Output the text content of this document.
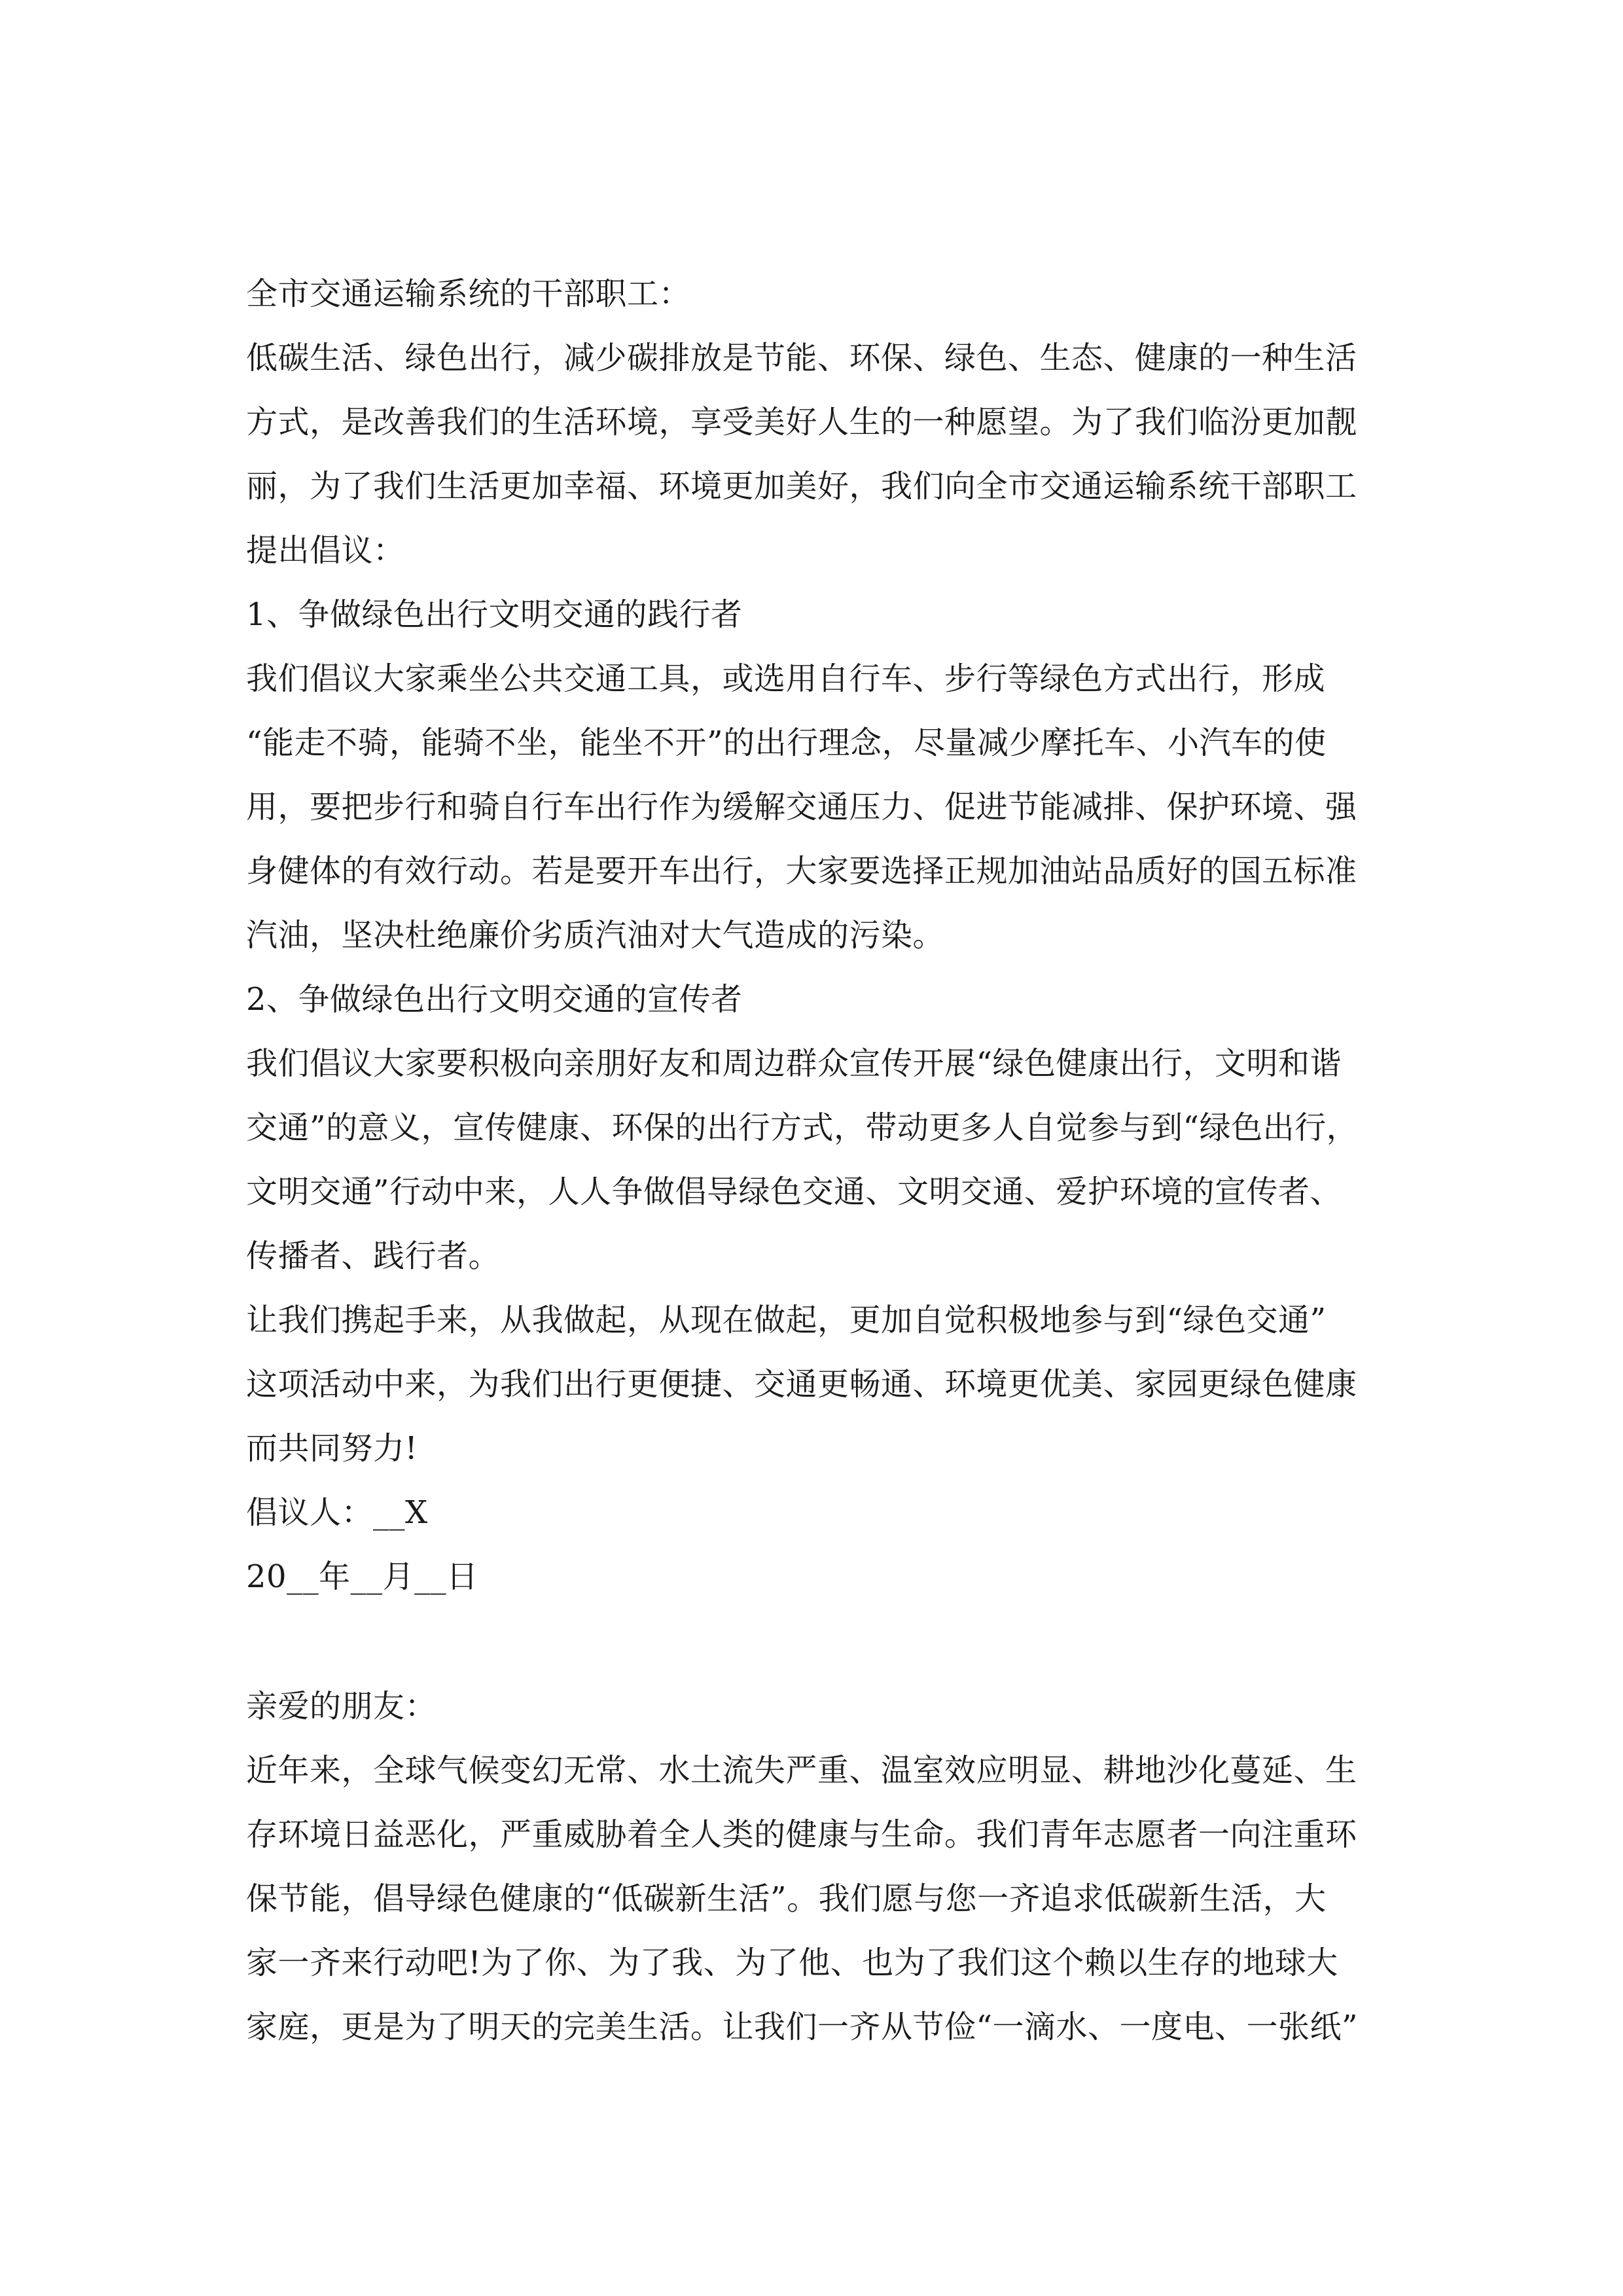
全市交通运输系统的干部职工：
低碳生活、绿色出行，减少碳排放是节能、环保、绿色、生态、健康的一种生活
方式，是改善我们的生活环境，享受美好人生的一种愿望。为了我们临汾更加靓
丽，为了我们生活更加幸福、环境更加美好，我们向全市交通运输系统干部职工
提出倡议：
1、争做绿色出行文明交通的践行者
我们倡议大家乘坐公共交通工具，或选用自行车、步行等绿色方式出行，形成
“能走不骑，能骑不坐，能坐不开”的出行理念，尽量减少摩托车、小汽车的使
用，要把步行和骑自行车出行作为缓解交通压力、促进节能减排、保护环境、强
身健体的有效行动。若是要开车出行，大家要选择正规加油站品质好的国五标准
汽油，坚决杜绝廉价劣质汽油对大气造成的污染。
2、争做绿色出行文明交通的宣传者
我们倡议大家要积极向亲朋好友和周边群众宣传开展“绿色健康出行，文明和谐
交通”的意义，宣传健康、环保的出行方式，带动更多人自觉参与到“绿色出行，
文明交通”行动中来，人人争做倡导绿色交通、文明交通、爱护环境的宣传者、
传播者、践行者。
让我们携起手来，从我做起，从现在做起，更加自觉积极地参与到“绿色交通”
这项活动中来，为我们出行更便捷、交通更畅通、环境更优美、家园更绿色健康
而共同努力!
倡议人：__X
20__年__月__日
亲爱的朋友：
近年来，全球气候变幻无常、水土流失严重、温室效应明显、耕地沙化蔓延、生
存环境日益恶化，严重威胁着全人类的健康与生命。我们青年志愿者一向注重环
保节能，倡导绿色健康的“低碳新生活”。我们愿与您一齐追求低碳新生活，大
家一齐来行动吧!为了你、为了我、为了他、也为了我们这个赖以生存的地球大
家庭，更是为了明天的完美生活。让我们一齐从节俭“一滴水、一度电、一张纸”
